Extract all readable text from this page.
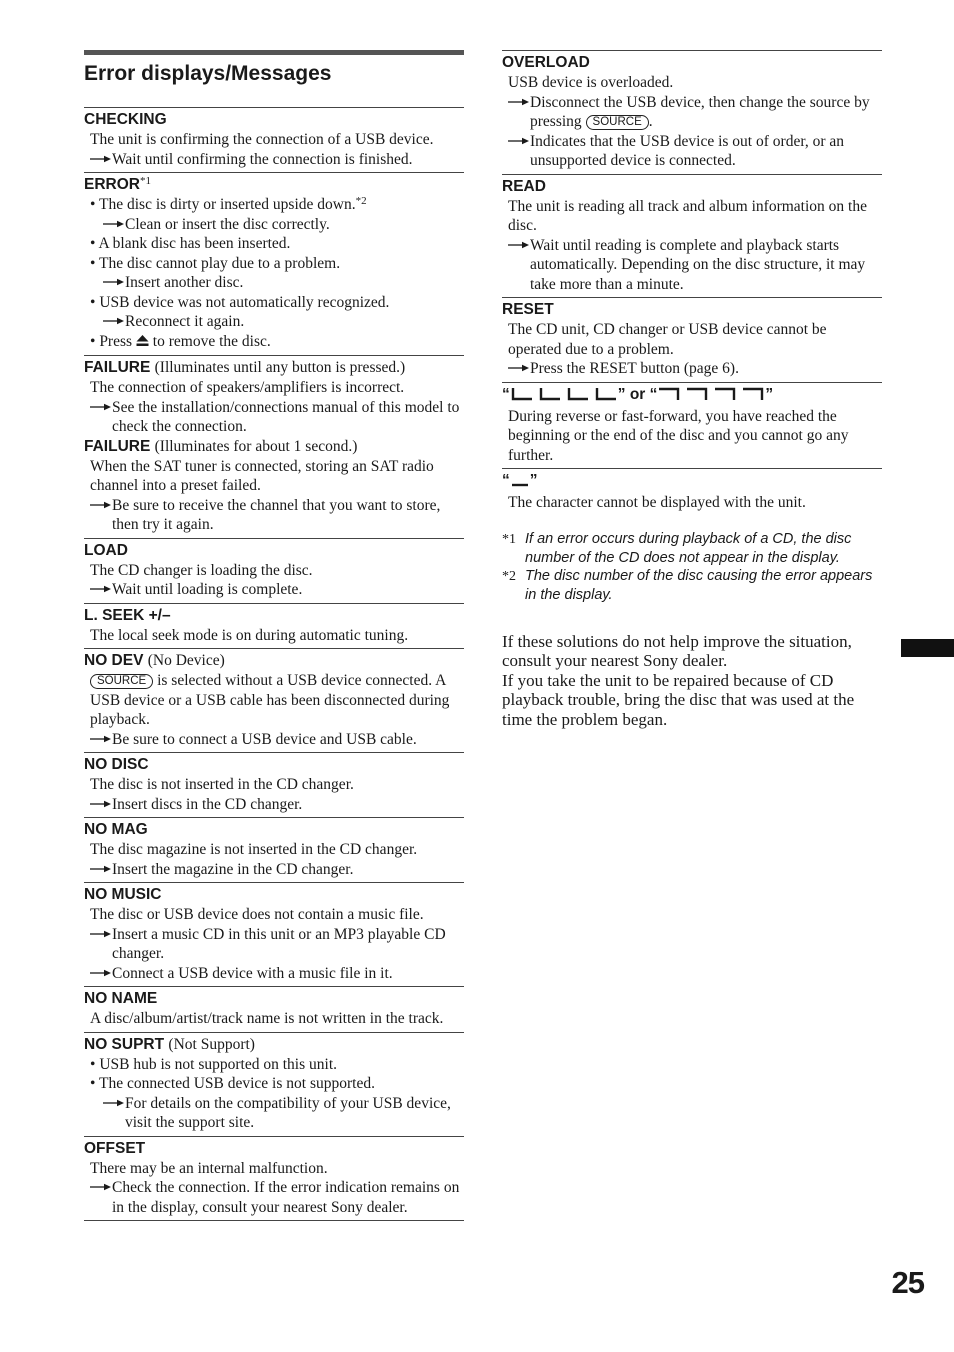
Error displays/Messages
CHECKING
The unit is confirming the connection of a USB device.
Wait until confirming the connection is finished.
ERROR$^{*1}$
• The disc is dirty or inserted upside down.$^{*2}$
Clean or insert the disc correctly.
• A blank disc has been inserted.
• The disc cannot play due to a problem.
Insert another disc.
• USB device was not automatically recognized.
Reconnect it again.
• Press to remove the disc.
FAILURE (Illuminates until any button is pressed.)
The connection of speakers/amplifiers is incorrect.
See the installation/connections manual of this model to check the connection.
FAILURE (Illuminates for about 1 second.)
When the SAT tuner is connected, storing an SAT radio channel into a preset failed.
Be sure to receive the channel that you want to store, then try it again.
LOAD
The CD changer is loading the disc.
Wait until loading is complete.
L. SEEK +/–
The local seek mode is on during automatic tuning.
NO DEV (No Device)
SOURCE is selected without a USB device connected. A USB device or a USB cable has been disconnected during playback.
Be sure to connect a USB device and USB cable.
NO DISC
The disc is not inserted in the CD changer.
Insert discs in the CD changer.
NO MAG
The disc magazine is not inserted in the CD changer.
Insert the magazine in the CD changer.
NO MUSIC
The disc or USB device does not contain a music file.
Insert a music CD in this unit or an MP3 playable CD changer.
Connect a USB device with a music file in it.
NO NAME
A disc/album/artist/track name is not written in the track.
NO SUPRT (Not Support)
• USB hub is not supported on this unit.
• The connected USB device is not supported.
For details on the compatibility of your USB device, visit the support site.
OFFSET
There may be an internal malfunction.
Check the connection. If the error indication remains on in the display, consult your nearest Sony dealer.
OVERLOAD
USB device is overloaded.
Disconnect the USB device, then change the source by pressing SOURCE .
Indicates that the USB device is out of order, or an unsupported device is connected.
READ
The unit is reading all track and album information on the disc.
Wait until reading is complete and playback starts automatically. Depending on the disc structure, it may take more than a minute.
RESET
The CD unit, CD changer or USB device cannot be operated due to a problem.
Press the RESET button (page 6).
“	” or “	”
During reverse or fast-forward, you have reached the beginning or the end of the disc and you cannot go any further.
“ ”
The character cannot be displayed with the unit.
*1 If an error occurs during playback of a CD, the disc number of the CD does not appear in the display.
*2 The disc number of the disc causing the error appears in the display.

If these solutions do not help improve the situation, consult your nearest Sony dealer.

If you take the unit to be repaired because of CD playback trouble, bring the disc that was used at the time the problem began.

25
